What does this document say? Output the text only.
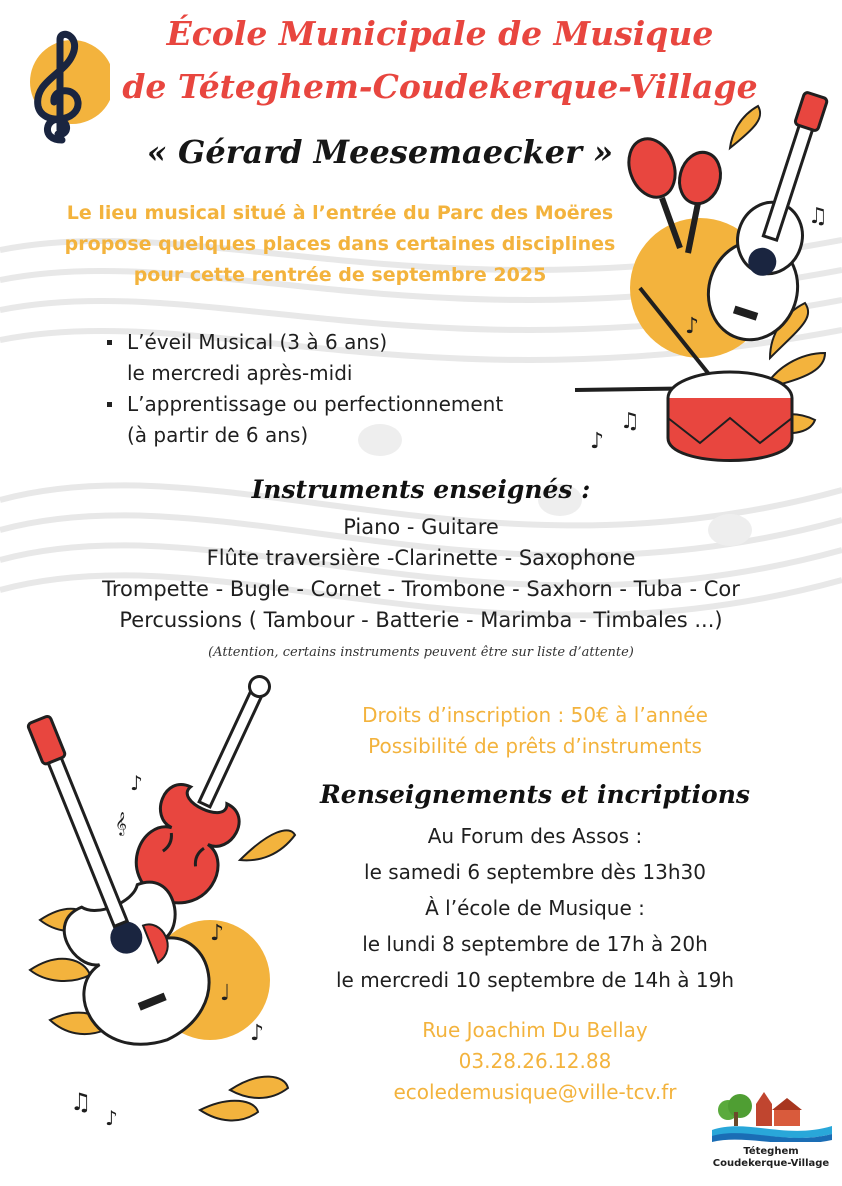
École Municipale de Musique
de Téteghem-Coudekerque-Village
« Gérard Meesemaecker »
♫
♪
♪
♫
Le lieu musical situé à l’entrée du Parc des Moëres
propose quelques places dans certaines disciplines
pour cette rentrée de septembre 2025
L’éveil Musical (3 à 6 ans)
le mercredi après-midi
L’apprentissage ou perfectionnement
(à partir de 6 ans)
Instruments enseignés :
Piano - Guitare
Flûte traversière -Clarinette - Saxophone
Trompette - Bugle - Cornet - Trombone - Saxhorn - Tuba - Cor
Percussions ( Tambour - Batterie - Marimba - Timbales ...)
(Attention, certains instruments peuvent être sur liste d’attente)
♪
𝄞
♪
♩
♪
♫
♪
Droits d’inscription : 50€ à l’année
Possibilité de prêts d’instruments
Renseignements et incriptions
Au Forum des Assos :
le samedi 6 septembre dès 13h30
À l’école de Musique :
le lundi 8 septembre de 17h à 20h
le mercredi 10 septembre de 14h à 19h
Rue Joachim Du Bellay
03.28.26.12.88
ecoledemusique@ville-tcv.fr
Téteghem
Coudekerque-Village
